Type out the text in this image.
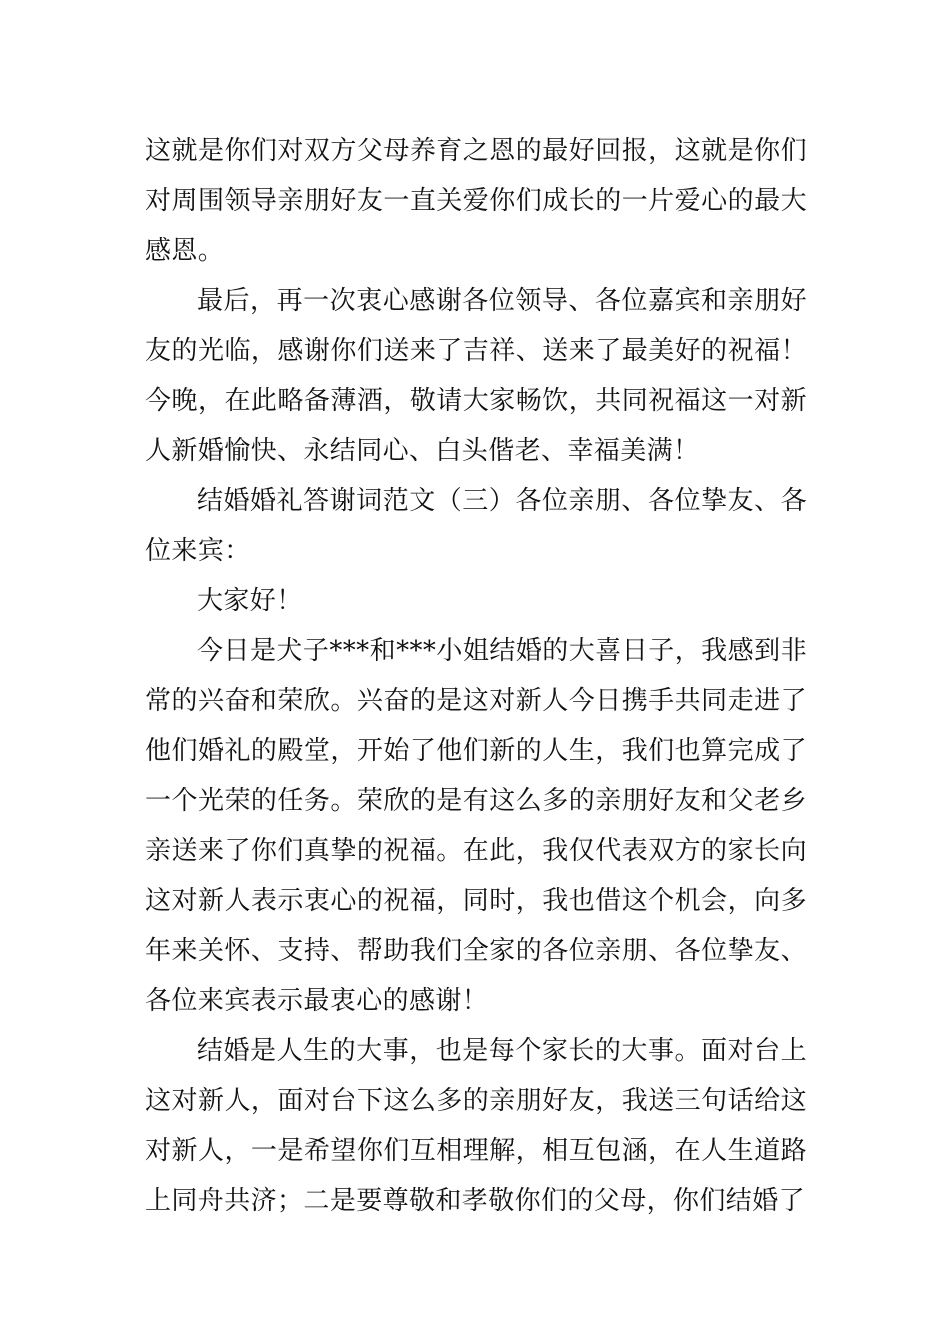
这就是你们对双方父母养育之恩的最好回报，这就是你们对周围领导亲朋好友一直关爱你们成长的一片爱心的最大感恩。

最后，再一次衷心感谢各位领导、各位嘉宾和亲朋好友的光临，感谢你们送来了吉祥、送来了最美好的祝福！今晚，在此略备薄酒，敬请大家畅饮，共同祝福这一对新人新婚愉快、永结同心、白头偕老、幸福美满！

结婚婚礼答谢词范文（三）各位亲朋、各位挚友、各位来宾：

大家好！

今日是犬子***和***小姐结婚的大喜日子，我感到非常的兴奋和荣欣。兴奋的是这对新人今日携手共同走进了他们婚礼的殿堂，开始了他们新的人生，我们也算完成了一个光荣的任务。荣欣的是有这么多的亲朋好友和父老乡亲送来了你们真挚的祝福。在此，我仅代表双方的家长向这对新人表示衷心的祝福，同时，我也借这个机会，向多年来关怀、支持、帮助我们全家的各位亲朋、各位挚友、各位来宾表示最衷心的感谢！

结婚是人生的大事，也是每个家长的大事。面对台上这对新人，面对台下这么多的亲朋好友，我送三句话给这对新人，一是希望你们互相理解，相互包涵，在人生道路上同舟共济；二是要尊敬和孝敬你们的父母，你们结婚了
